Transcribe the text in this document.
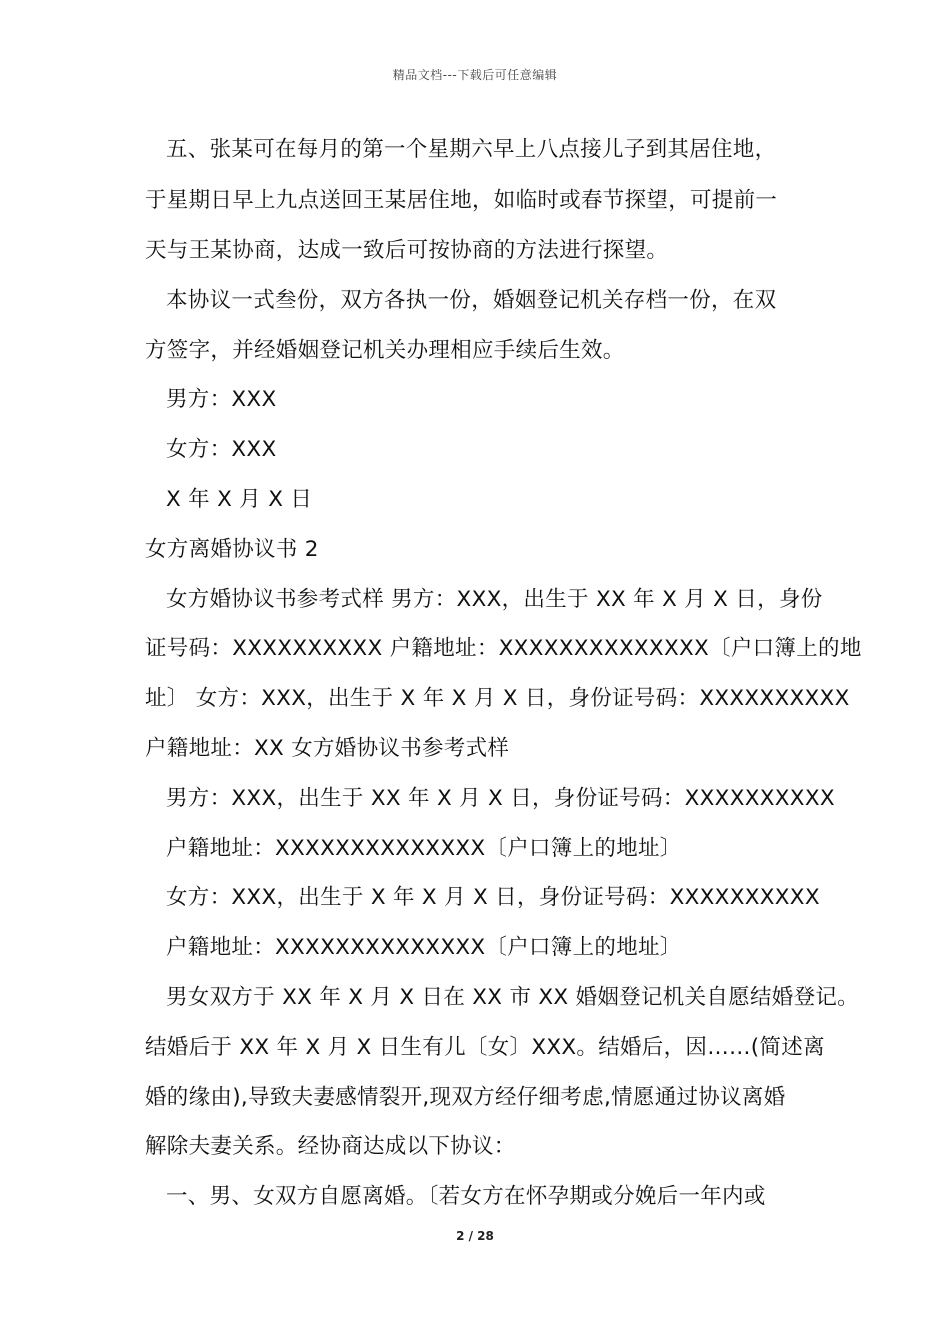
精品文档---下载后可任意编辑
五、张某可在每月的第一个星期六早上八点接儿子到其居住地，
于星期日早上九点送回王某居住地，如临时或春节探望，可提前一
天与王某协商，达成一致后可按协商的方法进行探望。
本协议一式叁份，双方各执一份，婚姻登记机关存档一份，在双
方签字，并经婚姻登记机关办理相应手续后生效。
男方：XXX
女方：XXX
X 年 X 月 X 日
女方离婚协议书 2
女方婚协议书参考式样 男方：XXX，出生于 XX 年 X 月 X 日，身份
证号码：XXXXXXXXXX 户籍地址：XXXXXXXXXXXXXX〔户口簿上的地
址〕 女方：XXX，出生于 X 年 X 月 X 日，身份证号码：XXXXXXXXXX
户籍地址：XX 女方婚协议书参考式样
男方：XXX，出生于 XX 年 X 月 X 日，身份证号码：XXXXXXXXXX
户籍地址：XXXXXXXXXXXXXX〔户口簿上的地址〕
女方：XXX，出生于 X 年 X 月 X 日，身份证号码：XXXXXXXXXX
户籍地址：XXXXXXXXXXXXXX〔户口簿上的地址〕
男女双方于 XX 年 X 月 X 日在 XX 市 XX 婚姻登记机关自愿结婚登记。
结婚后于 XX 年 X 月 X 日生有儿〔女〕XXX。结婚后，因……(简述离
婚的缘由),导致夫妻感情裂开,现双方经仔细考虑,情愿通过协议离婚
解除夫妻关系。经协商达成以下协议：
一、男、女双方自愿离婚。〔若女方在怀孕期或分娩后一年内或
2 / 28
